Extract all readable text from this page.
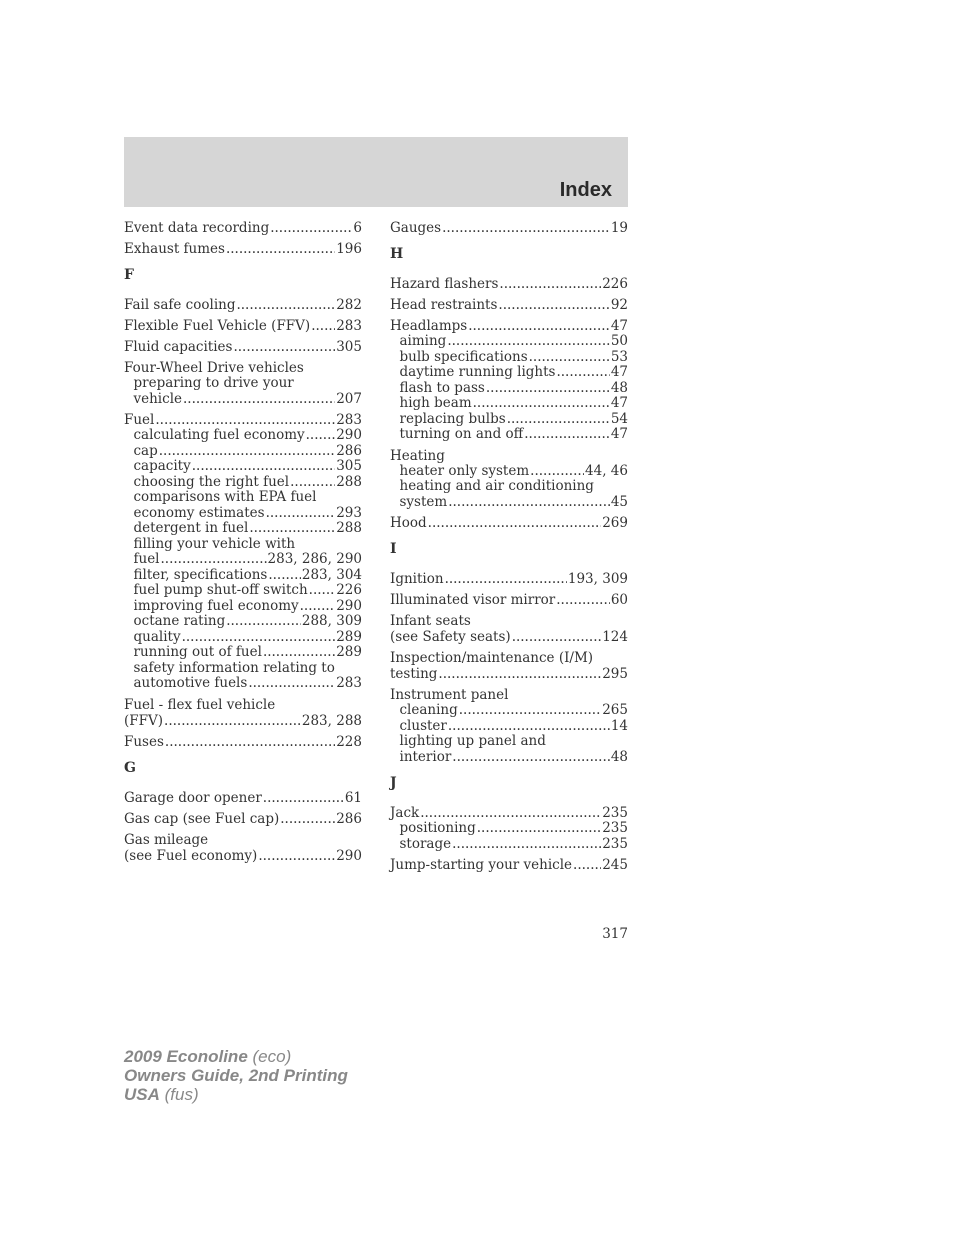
Index
Event data recording .....	6
Exhaust fumes .....	196
F
Fail safe cooling .....	282
Flexible Fuel Vehicle (FFV) ..... 283
Fluid capacities .....	305
Four-Wheel Drive vehicles
preparing to drive your
vehicle .....	207
Fuel .....	283
calculating fuel economy ..... 290
cap .....	286
capacity .....	305
choosing the right fuel .....	288
comparisons with EPA fuel
economy estimates .....	293
detergent in fuel .....	288
filling your vehicle with
fuel .....	283, 286, 290
filter, specifications .....	283, 304
fuel pump shut-off switch ..... 226
improving fuel economy .....	290
octane rating .....	288, 309
quality .....	289
running out of fuel .....	289
safety information relating to
automotive fuels .....	283
Fuel - flex fuel vehicle
(FFV) .....	283, 288
Fuses .....	228
G
Garage door opener .....	61
Gas cap (see Fuel cap) .....	286
Gas mileage
(see Fuel economy) .....	290
Gauges .....	19
H
Hazard flashers .....	226
Head restraints .....	92
Headlamps .....	47
aiming .....	50
bulb specifications .....	53
daytime running lights .....	47
flash to pass .....	48
high beam .....	47
replacing bulbs .....	54
turning on and off .....	47
Heating
heater only system .....	44, 46
heating and air conditioning
system .....	45
Hood .....	269
I
Ignition .....	193, 309
Illuminated visor mirror .....	60
Infant seats
(see Safety seats) .....	124
Inspection/maintenance (I/M)
testing .....	295
Instrument panel
cleaning .....	265
cluster .....	14
lighting up panel and
interior .....	48
J
Jack .....	235
positioning .....	235
storage .....	235
Jump-starting your vehicle ..... 245
317
2009 Econoline (eco)
Owners Guide, 2nd Printing
USA (fus)
